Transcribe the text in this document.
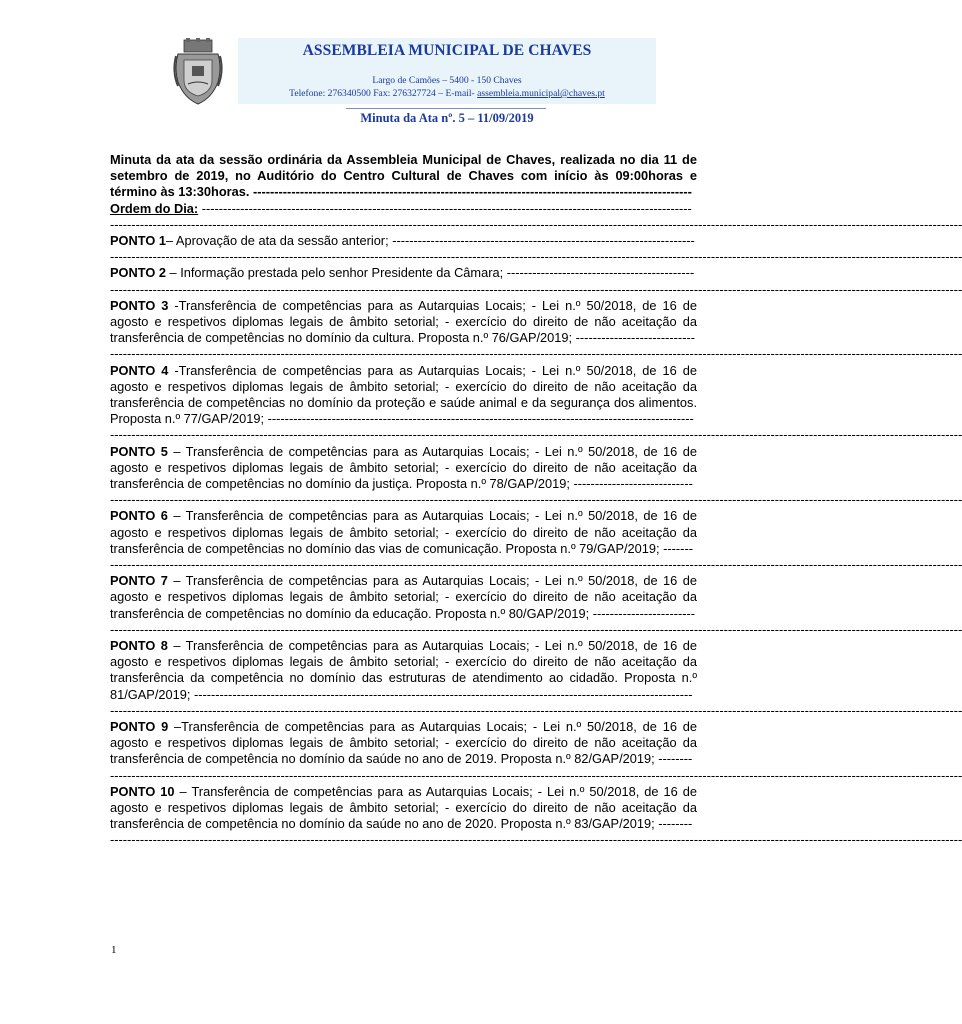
ASSEMBLEIA MUNICIPAL DE CHAVES
Largo de Camões – 5400 - 150 Chaves
Telefone: 276340500 Fax: 276327724 – E-mail- assembleia.municipal@chaves.pt
Minuta da Ata nº. 5 – 11/09/2019

Minuta da ata da sessão ordinária da Assembleia Municipal de Chaves, realizada no dia 11 de setembro de 2019, no Auditório do Centro Cultural de Chaves com início às 09:00horas e término às 13:30horas. -------------------------------------------------------------------------------------------------------

Ordem do Dia: -------------------------------------------------------------------------------------------------------------------
--------------------------------------------------------------------------------------------------------------------------------------------------------------------------------------------------------

PONTO 1– Aprovação de ata da sessão anterior; -----------------------------------------------------------------------

--------------------------------------------------------------------------------------------------------------------------------------------------------------------------------------------------------

PONTO 2 – Informação prestada pelo senhor Presidente da Câmara; --------------------------------------------

--------------------------------------------------------------------------------------------------------------------------------------------------------------------------------------------------------

PONTO 3 -Transferência de competências para as Autarquias Locais; - Lei n.º 50/2018, de 16 de agosto e respetivos diplomas legais de âmbito setorial; - exercício do direito de não aceitação da transferência de competências no domínio da cultura. Proposta n.º 76/GAP/2019; ----------------------------

--------------------------------------------------------------------------------------------------------------------------------------------------------------------------------------------------------

PONTO 4 -Transferência de competências para as Autarquias Locais; - Lei n.º 50/2018, de 16 de agosto e respetivos diplomas legais de âmbito setorial; - exercício do direito de não aceitação da transferência de competências no domínio da proteção e saúde animal e da segurança dos alimentos. Proposta n.º 77/GAP/2019; ----------------------------------------------------------------------------------------------------

--------------------------------------------------------------------------------------------------------------------------------------------------------------------------------------------------------

PONTO 5 – Transferência de competências para as Autarquias Locais; - Lei n.º 50/2018, de 16 de agosto e respetivos diplomas legais de âmbito setorial; - exercício do direito de não aceitação da transferência de competências no domínio da justiça. Proposta n.º 78/GAP/2019; ----------------------------

--------------------------------------------------------------------------------------------------------------------------------------------------------------------------------------------------------

PONTO 6 – Transferência de competências para as Autarquias Locais; - Lei n.º 50/2018, de 16 de agosto e respetivos diplomas legais de âmbito setorial; - exercício do direito de não aceitação da transferência de competências no domínio das vias de comunicação. Proposta n.º 79/GAP/2019; -------

--------------------------------------------------------------------------------------------------------------------------------------------------------------------------------------------------------

PONTO 7 – Transferência de competências para as Autarquias Locais; - Lei n.º 50/2018, de 16 de agosto e respetivos diplomas legais de âmbito setorial; - exercício do direito de não aceitação da transferência de competências no domínio da educação. Proposta n.º 80/GAP/2019; ------------------------

--------------------------------------------------------------------------------------------------------------------------------------------------------------------------------------------------------

PONTO 8 – Transferência de competências para as Autarquias Locais; - Lei n.º 50/2018, de 16 de agosto e respetivos diplomas legais de âmbito setorial; - exercício do direito de não aceitação da transferência da competência no domínio das estruturas de atendimento ao cidadão. Proposta n.º 81/GAP/2019; ---------------------------------------------------------------------------------------------------------------------

--------------------------------------------------------------------------------------------------------------------------------------------------------------------------------------------------------

PONTO 9 –Transferência de competências para as Autarquias Locais; - Lei n.º 50/2018, de 16 de agosto e respetivos diplomas legais de âmbito setorial; - exercício do direito de não aceitação da transferência de competência no domínio da saúde no ano de 2019. Proposta n.º 82/GAP/2019; --------

--------------------------------------------------------------------------------------------------------------------------------------------------------------------------------------------------------

PONTO 10 – Transferência de competências para as Autarquias Locais; - Lei n.º 50/2018, de 16 de agosto e respetivos diplomas legais de âmbito setorial; - exercício do direito de não aceitação da transferência de competência no domínio da saúde no ano de 2020. Proposta n.º 83/GAP/2019; --------

--------------------------------------------------------------------------------------------------------------------------------------------------------------------------------------------------------
1
